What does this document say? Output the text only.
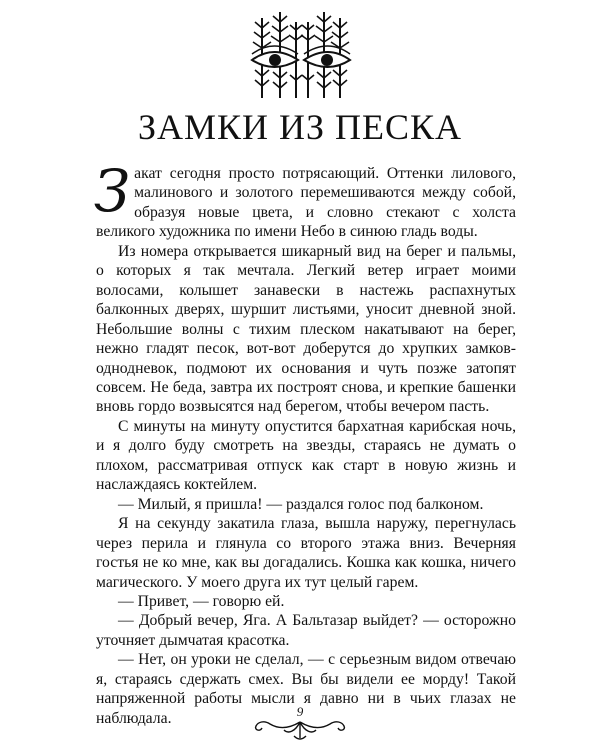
ЗАМКИ ИЗ ПЕСКА

Закат сегодня просто потрясающий. Оттенки лилового, малинового и золотого перемешиваются между собой, образуя новые цвета, и словно стекают с холста великого художника по имени Небо в синюю гладь воды.

Из номера открывается шикарный вид на берег и пальмы, о которых я так мечтала. Легкий ветер играет моими волосами, колышет занавески в настежь распахнутых балконных дверях, шуршит листьями, уносит дневной зной. Небольшие волны с тихим плеском накатывают на берег, нежно гладят песок, вот-вот доберутся до хрупких замков-однодневок, подмоют их основания и чуть позже затопят совсем. Не беда, завтра их построят снова, и крепкие башенки вновь гордо возвысятся над берегом, чтобы вечером пасть.

С минуты на минуту опустится бархатная карибская ночь, и я долго буду смотреть на звезды, стараясь не думать о плохом, рассматривая отпуск как старт в новую жизнь и наслаждаясь коктейлем.

— Милый, я пришла! — раздался голос под балконом.

Я на секунду закатила глаза, вышла наружу, перегнулась через перила и глянула со второго этажа вниз. Вечерняя гостья не ко мне, как вы догадались. Кошка как кошка, ничего магического. У моего друга их тут целый гарем.

— Привет, — говорю ей.

— Добрый вечер, Яга. А Бальтазар выйдет? — осторожно уточняет дымчатая красотка.

— Нет, он уроки не сделал, — с серьезным видом отвечаю я, стараясь сдержать смех. Вы бы видели ее морду! Такой напряженной работы мысли я давно ни в чьих глазах не наблюдала.	9
